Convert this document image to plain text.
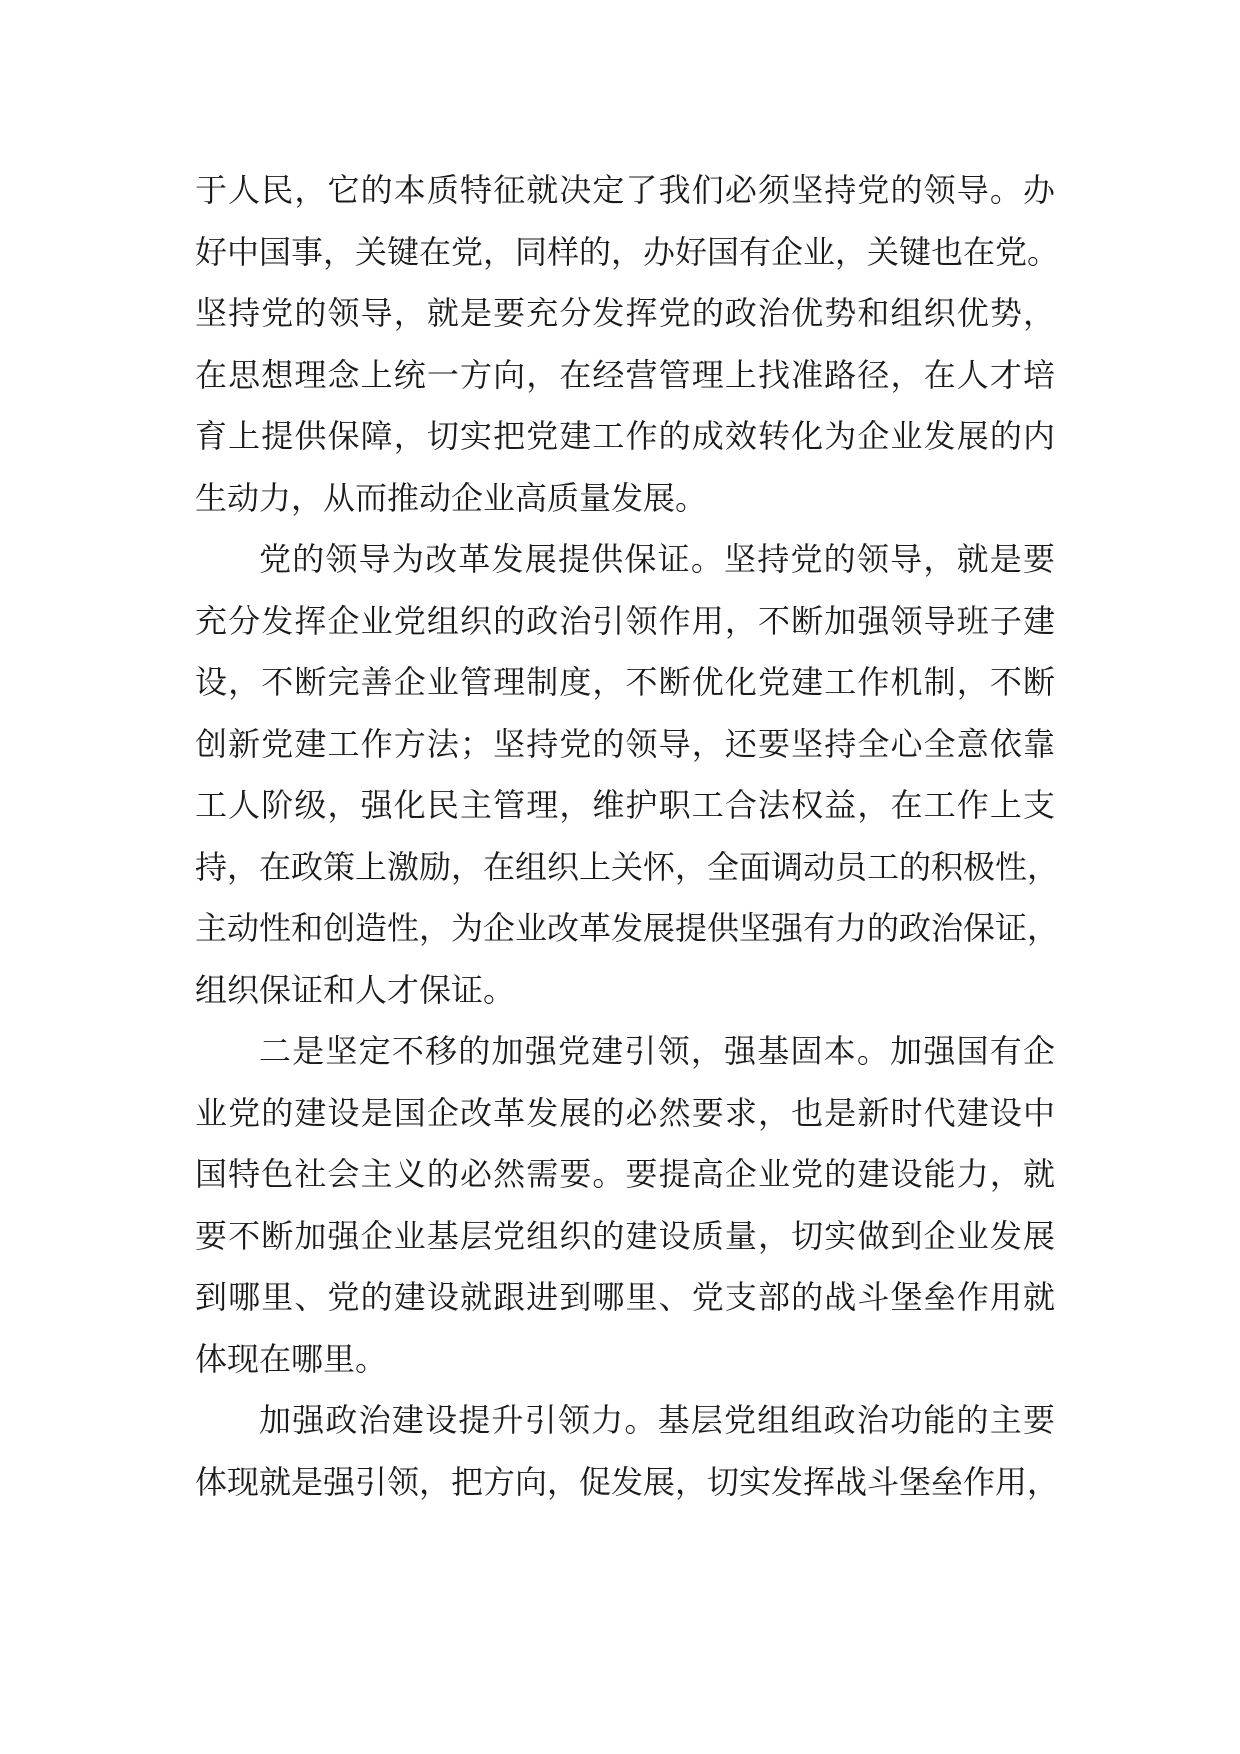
于人民，它的本质特征就决定了我们必须坚持党的领导。办
好中国事，关键在党，同样的，办好国有企业，关键也在党。
坚持党的领导，就是要充分发挥党的政治优势和组织优势，
在思想理念上统一方向，在经营管理上找准路径，在人才培
育上提供保障，切实把党建工作的成效转化为企业发展的内
生动力，从而推动企业高质量发展。
党的领导为改革发展提供保证。坚持党的领导，就是要
充分发挥企业党组织的政治引领作用，不断加强领导班子建
设，不断完善企业管理制度，不断优化党建工作机制，不断
创新党建工作方法；坚持党的领导，还要坚持全心全意依靠
工人阶级，强化民主管理，维护职工合法权益，在工作上支
持，在政策上激励，在组织上关怀，全面调动员工的积极性，
主动性和创造性，为企业改革发展提供坚强有力的政治保证，
组织保证和人才保证。
二是坚定不移的加强党建引领，强基固本。加强国有企
业党的建设是国企改革发展的必然要求，也是新时代建设中
国特色社会主义的必然需要。要提高企业党的建设能力，就
要不断加强企业基层党组织的建设质量，切实做到企业发展
到哪里、党的建设就跟进到哪里、党支部的战斗堡垒作用就
体现在哪里。
加强政治建设提升引领力。基层党组组政治功能的主要
体现就是强引领，把方向，促发展，切实发挥战斗堡垒作用，
